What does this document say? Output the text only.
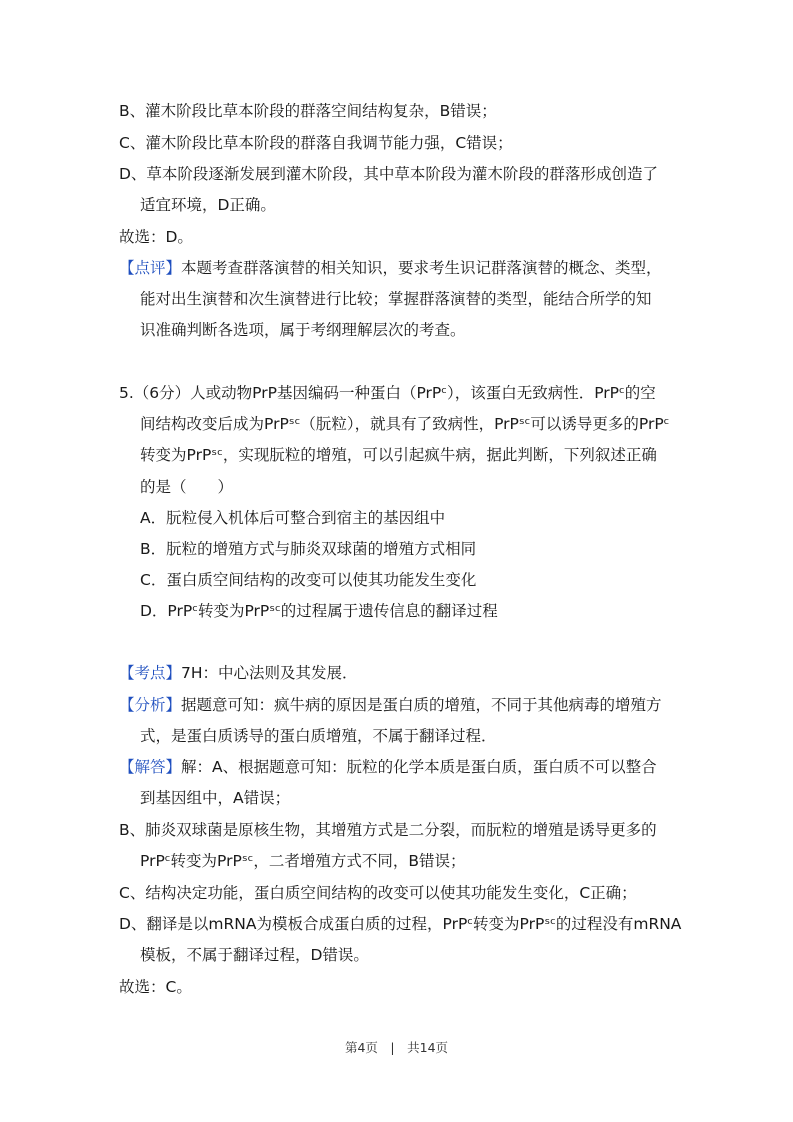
B、灌木阶段比草本阶段的群落空间结构复杂，B错误；
C、灌木阶段比草本阶段的群落自我调节能力强，C错误；
D、草本阶段逐渐发展到灌木阶段，其中草本阶段为灌木阶段的群落形成创造了
适宜环境，D正确。
故选：D。
【点评】本题考查群落演替的相关知识，要求考生识记群落演替的概念、类型，
能对出生演替和次生演替进行比较；掌握群落演替的类型，能结合所学的知
识准确判断各选项，属于考纲理解层次的考查。
5.（6分）人或动物PrP基因编码一种蛋白（PrPᶜ），该蛋白无致病性．PrPᶜ的空
间结构改变后成为PrPˢᶜ（朊粒），就具有了致病性，PrPˢᶜ可以诱导更多的PrPᶜ
转变为PrPˢᶜ，实现朊粒的增殖，可以引起疯牛病，据此判断，下列叙述正确
的是（　　）
A．朊粒侵入机体后可整合到宿主的基因组中
B．朊粒的增殖方式与肺炎双球菌的增殖方式相同
C．蛋白质空间结构的改变可以使其功能发生变化
D．PrPᶜ转变为PrPˢᶜ的过程属于遗传信息的翻译过程
【考点】7H：中心法则及其发展．
【分析】据题意可知：疯牛病的原因是蛋白质的增殖，不同于其他病毒的增殖方
式，是蛋白质诱导的蛋白质增殖，不属于翻译过程．
【解答】解：A、根据题意可知：朊粒的化学本质是蛋白质，蛋白质不可以整合
到基因组中，A错误；
B、肺炎双球菌是原核生物，其增殖方式是二分裂，而朊粒的增殖是诱导更多的
PrPᶜ转变为PrPˢᶜ，二者增殖方式不同，B错误；
C、结构决定功能，蛋白质空间结构的改变可以使其功能发生变化，C正确；
D、翻译是以mRNA为模板合成蛋白质的过程，PrPᶜ转变为PrPˢᶜ的过程没有mRNA
模板，不属于翻译过程，D错误。
故选：C。
第4页　|　共14页
